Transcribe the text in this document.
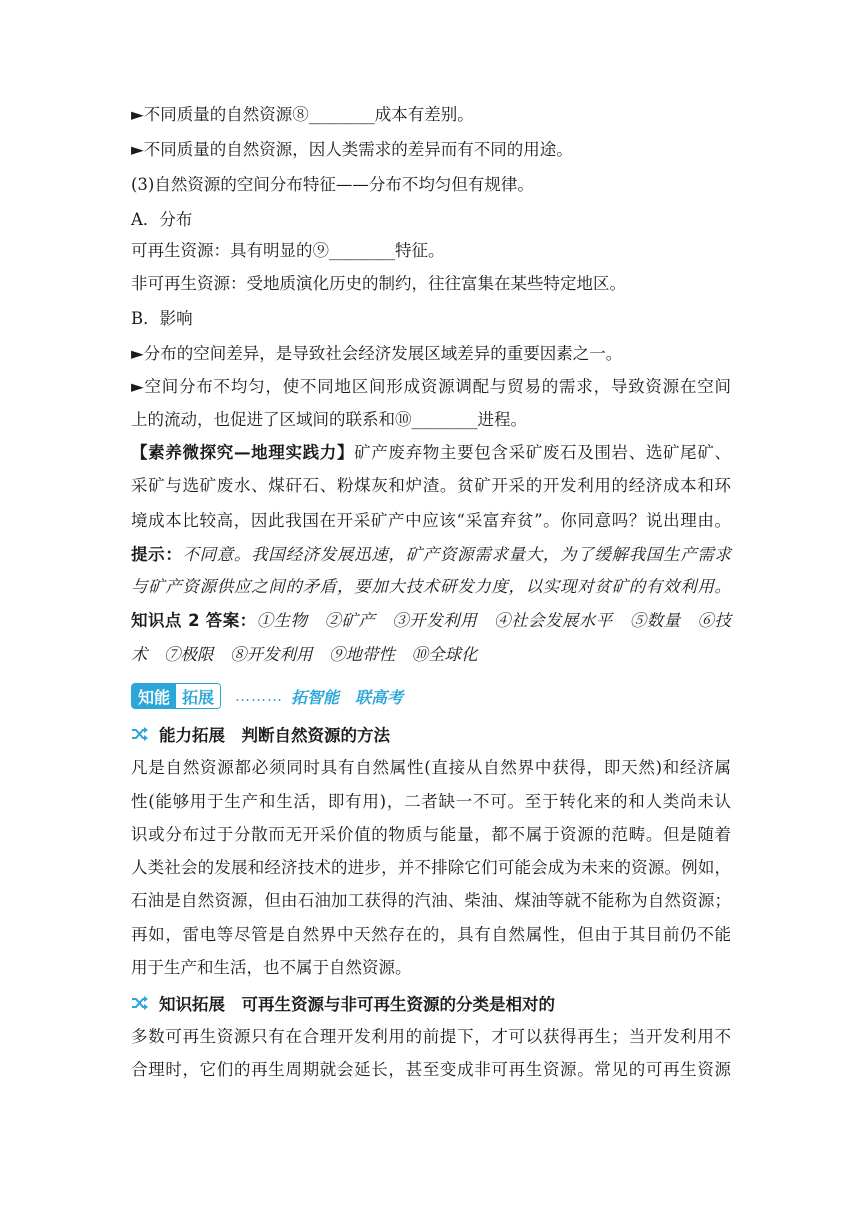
►不同质量的自然资源⑧________成本有差别。
►不同质量的自然资源，因人类需求的差异而有不同的用途。
(3)自然资源的空间分布特征——分布不均匀但有规律。
A．分布
可再生资源：具有明显的⑨________特征。
非可再生资源：受地质演化历史的制约，往往富集在某些特定地区。
B．影响
►分布的空间差异，是导致社会经济发展区域差异的重要因素之一。
►空间分布不均匀，使不同地区间形成资源调配与贸易的需求，导致资源在空间
上的流动，也促进了区域间的联系和⑩________进程。
【素养微探究—地理实践力】矿产废弃物主要包含采矿废石及围岩、选矿尾矿、
采矿与选矿废水、煤矸石、粉煤灰和炉渣。贫矿开采的开发利用的经济成本和环
境成本比较高，因此我国在开采矿产中应该“采富弃贫”。你同意吗？说出理由。
提示：不同意。我国经济发展迅速，矿产资源需求量大，为了缓解我国生产需求
与矿产资源供应之间的矛盾，要加大技术研发力度，以实现对贫矿的有效利用。
知识点 2 答案：①生物　②矿产　③开发利用　④社会发展水平　⑤数量　⑥技
术　⑦极限　⑧开发利用　⑨地带性　⑩全球化
知能 拓展	……… 拓智能　联高考
能力拓展　判断自然资源的方法
凡是自然资源都必须同时具有自然属性(直接从自然界中获得，即天然)和经济属
性(能够用于生产和生活，即有用)，二者缺一不可。至于转化来的和人类尚未认
识或分布过于分散而无开采价值的物质与能量，都不属于资源的范畴。但是随着
人类社会的发展和经济技术的进步，并不排除它们可能会成为未来的资源。例如，
石油是自然资源，但由石油加工获得的汽油、柴油、煤油等就不能称为自然资源；
再如，雷电等尽管是自然界中天然存在的，具有自然属性，但由于其目前仍不能
用于生产和生活，也不属于自然资源。
知识拓展　可再生资源与非可再生资源的分类是相对的
多数可再生资源只有在合理开发利用的前提下，才可以获得再生；当开发利用不
合理时，它们的再生周期就会延长，甚至变成非可再生资源。常见的可再生资源
